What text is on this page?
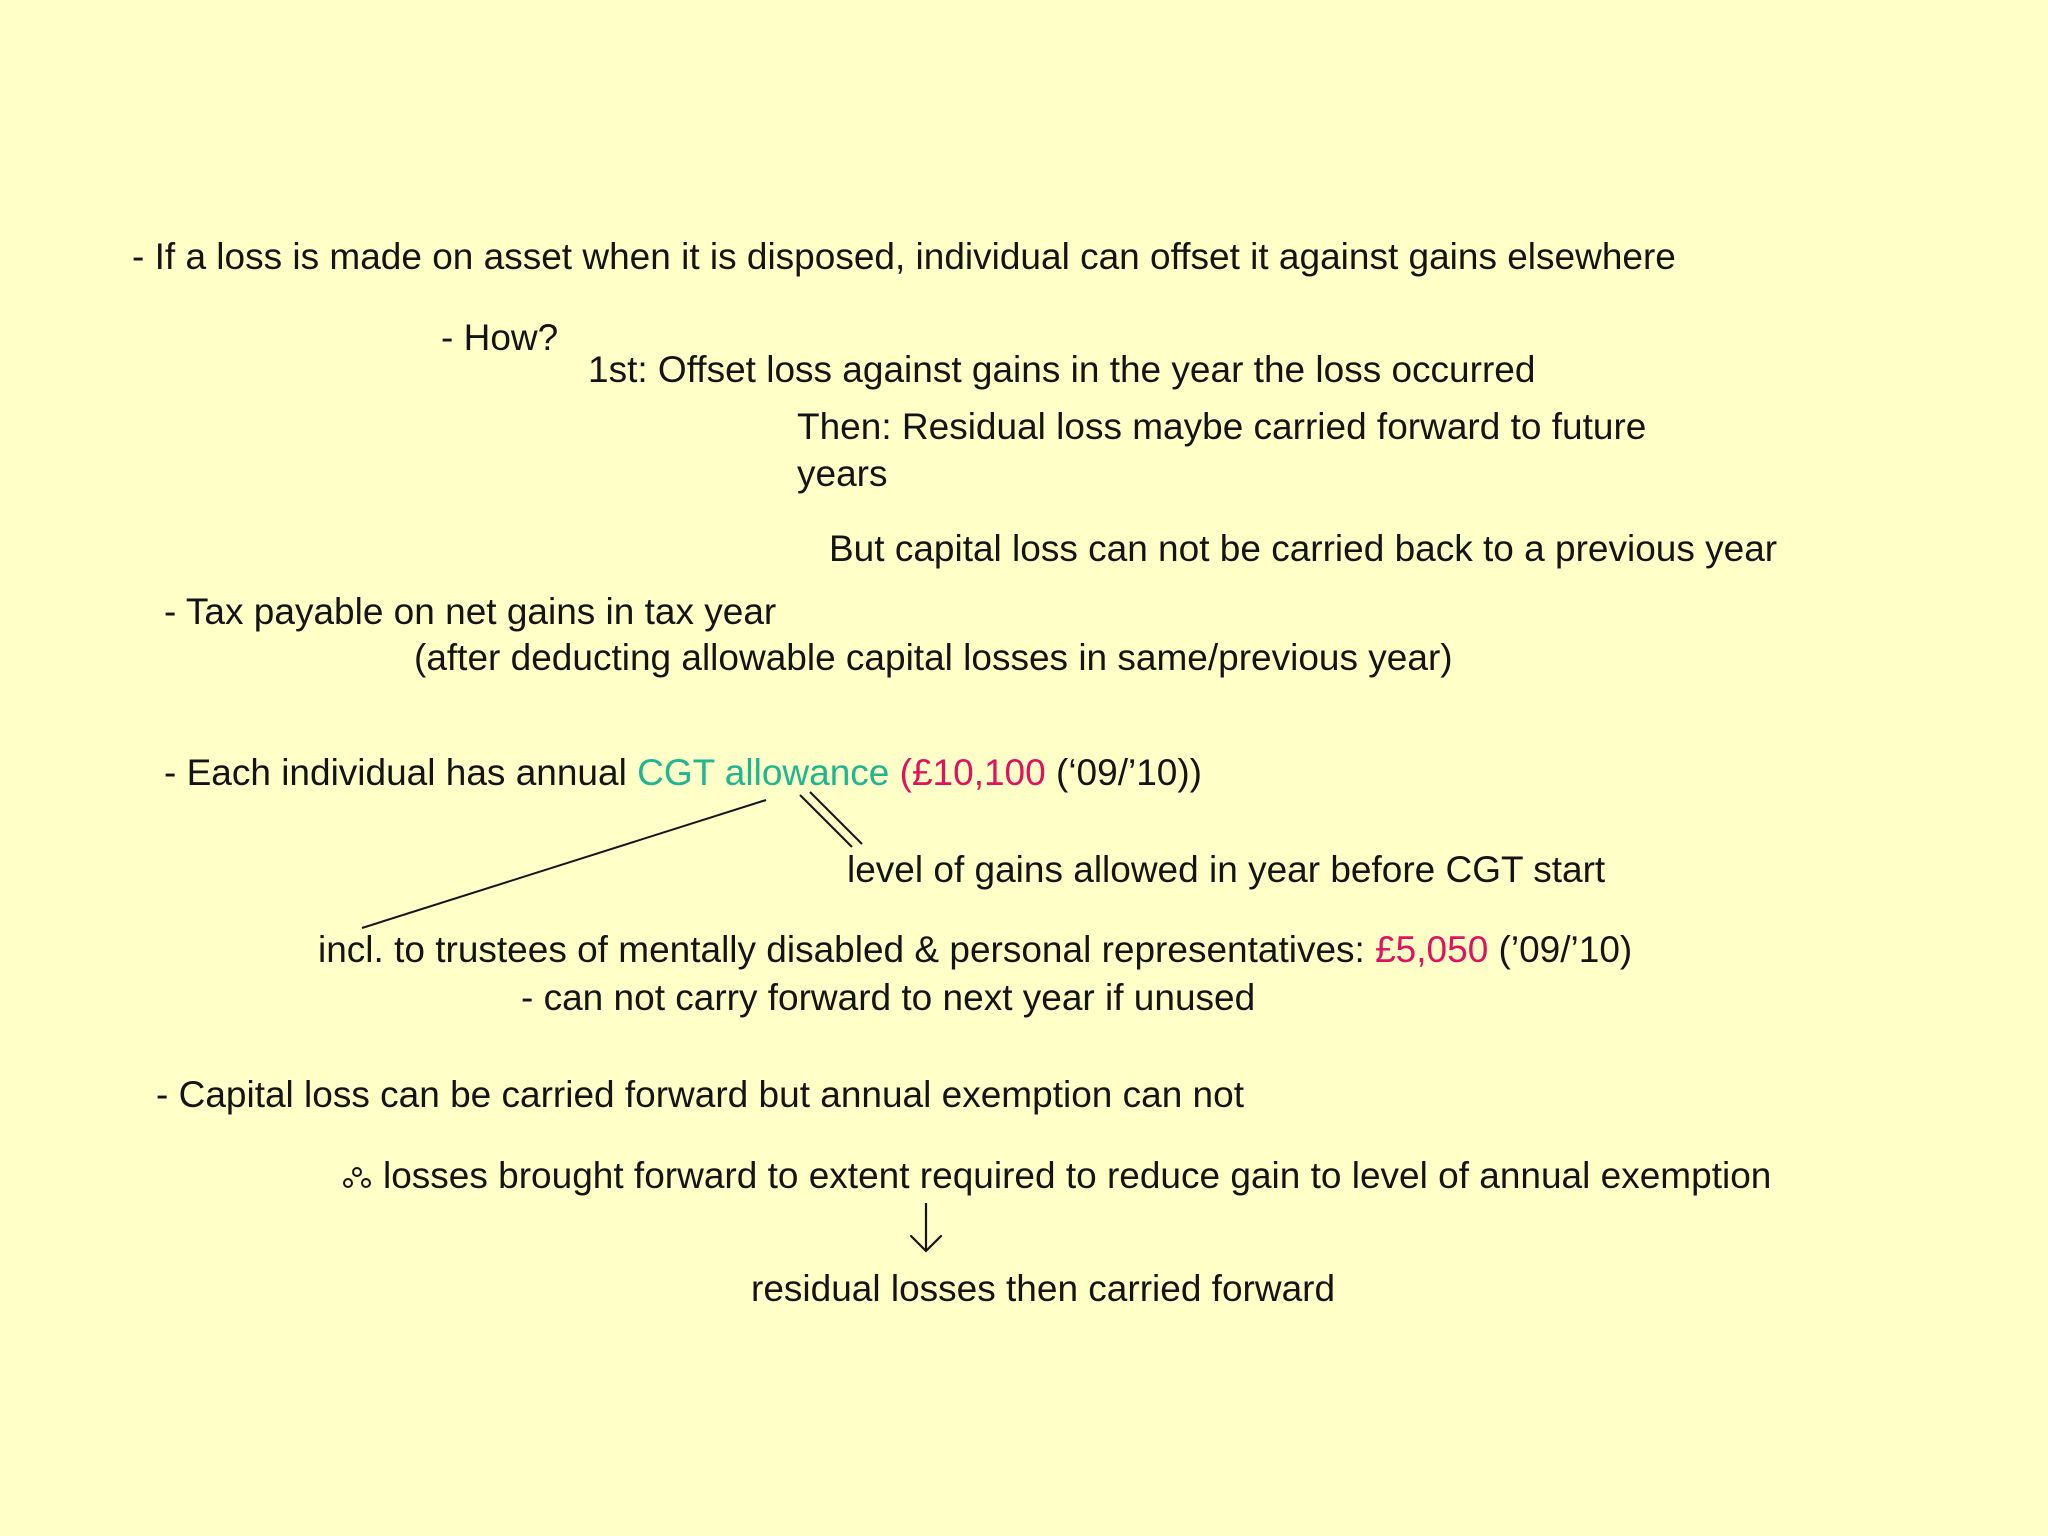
- If a loss is made on asset when it is disposed, individual can offset it against gains elsewhere
- How?
1st: Offset loss against gains in the year the loss occurred
Then: Residual loss maybe carried forward to future
years
But capital loss can not be carried back to a previous year
- Tax payable on net gains in tax year
(after deducting allowable capital losses in same/previous year)
- Each individual has annual CGT allowance (£10,100 (‘09/’10))
level of gains allowed in year before CGT start
incl. to trustees of mentally disabled & personal representatives: £5,050 (’09/’10)
- can not carry forward to next year if unused
- Capital loss can be carried forward but annual exemption can not
losses brought forward to extent required to reduce gain to level of annual exemption
residual losses then carried forward
